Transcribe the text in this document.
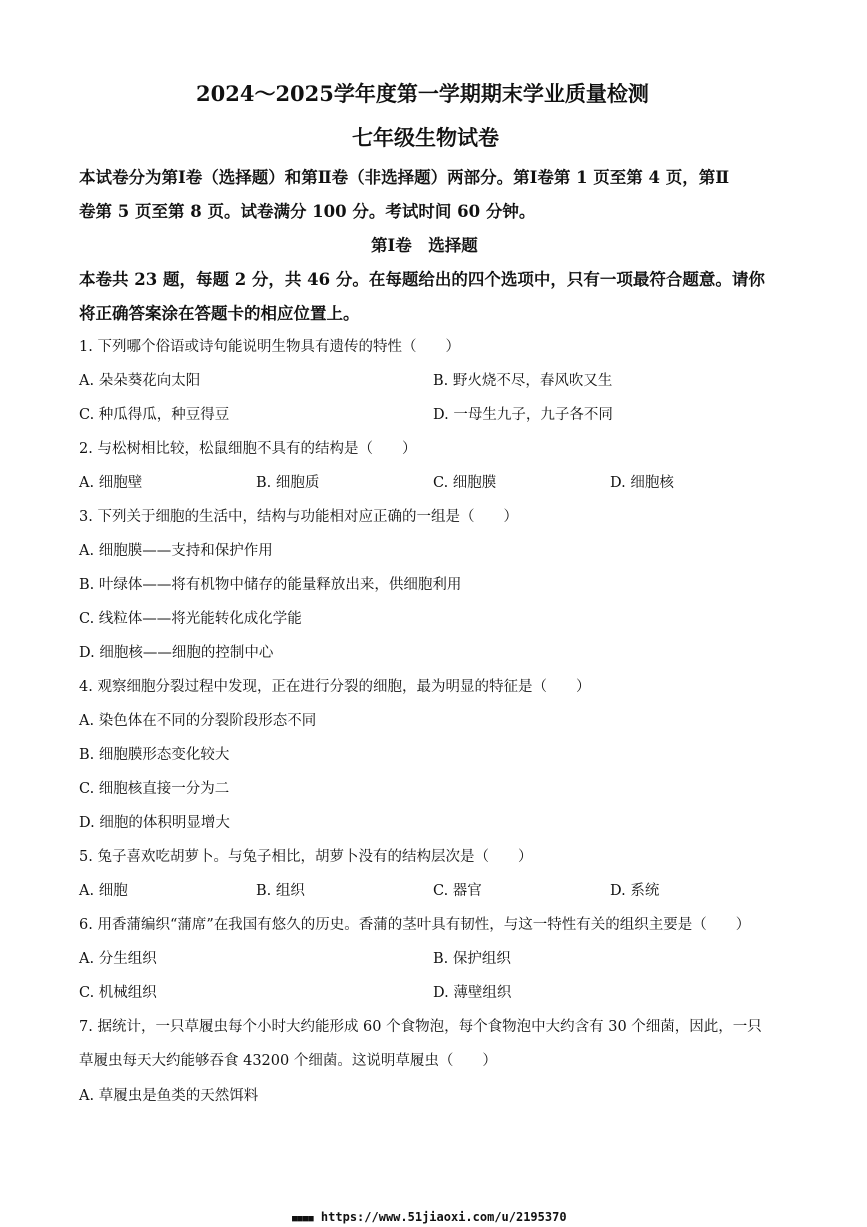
2024～2025学年度第一学期期末学业质量检测
七年级生物试卷
本试卷分为第Ⅰ卷（选择题）和第Ⅱ卷（非选择题）两部分。第Ⅰ卷第 1 页至第 4 页，第Ⅱ
卷第 5 页至第 8 页。试卷满分 100 分。考试时间 60 分钟。
第Ⅰ卷　选择题
本卷共 23 题，每题 2 分，共 46 分。在每题给出的四个选项中，只有一项最符合题意。请你
将正确答案涂在答题卡的相应位置上。
1. 下列哪个俗语或诗句能说明生物具有遗传的特性（　　）
A. 朵朵葵花向太阳	B. 野火烧不尽，春风吹又生
C. 种瓜得瓜，种豆得豆	D. 一母生九子，九子各不同
2. 与松树相比较，松鼠细胞不具有的结构是（　　）
A. 细胞壁	B. 细胞质	C. 细胞膜	D. 细胞核
3. 下列关于细胞的生活中，结构与功能相对应正确的一组是（　　）
A. 细胞膜——支持和保护作用
B. 叶绿体——将有机物中储存的能量释放出来，供细胞利用
C. 线粒体——将光能转化成化学能
D. 细胞核——细胞的控制中心
4. 观察细胞分裂过程中发现，正在进行分裂的细胞，最为明显的特征是（　　）
A. 染色体在不同的分裂阶段形态不同
B. 细胞膜形态变化较大
C. 细胞核直接一分为二
D. 细胞的体积明显增大
5. 兔子喜欢吃胡萝卜。与兔子相比，胡萝卜没有的结构层次是（　　）
A. 细胞	B. 组织	C. 器官	D. 系统
6. 用香蒲编织“蒲席”在我国有悠久的历史。香蒲的茎叶具有韧性，与这一特性有关的组织主要是（　　）
A. 分生组织	B. 保护组织
C. 机械组织	D. 薄壁组织
7. 据统计，一只草履虫每个小时大约能形成 60 个食物泡，每个食物泡中大约含有 30 个细菌，因此，一只
草履虫每天大约能够吞食 43200 个细菌。这说明草履虫（　　）
A. 草履虫是鱼类的天然饵料
■■■■ https://www.51jiaoxi.com/u/2195370
